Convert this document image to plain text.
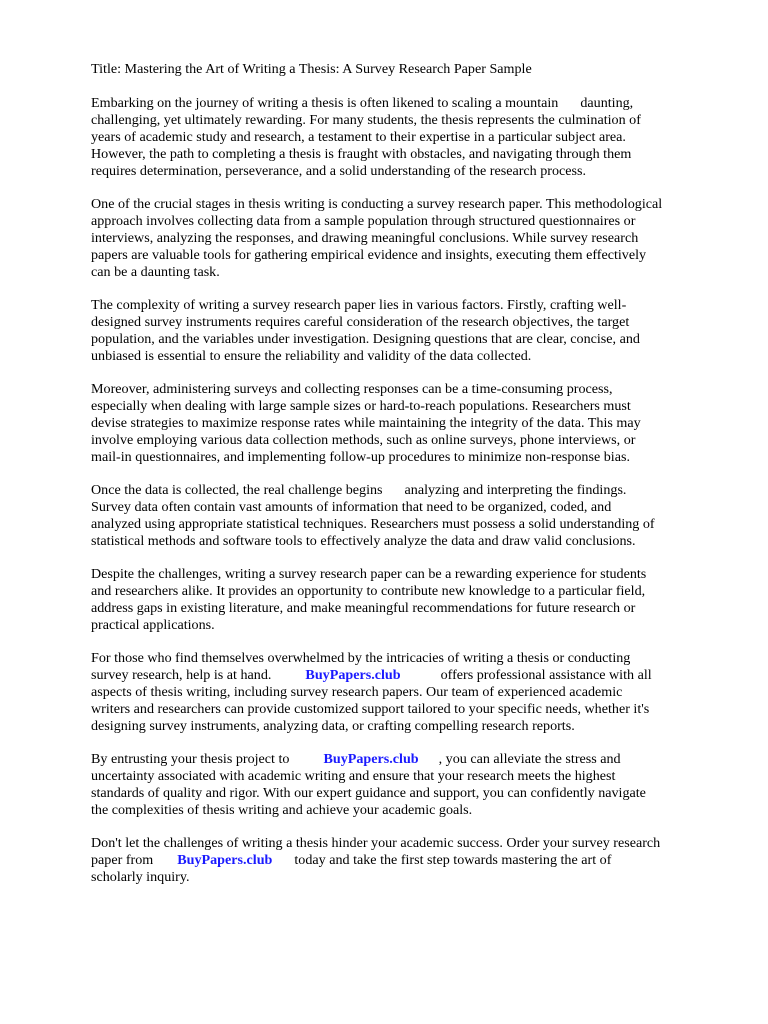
Title: Mastering the Art of Writing a Thesis: A Survey Research Paper Sample
Embarking on the journey of writing a thesis is often likened to scaling a mountain daunting,
challenging, yet ultimately rewarding. For many students, the thesis represents the culmination of
years of academic study and research, a testament to their expertise in a particular subject area.
However, the path to completing a thesis is fraught with obstacles, and navigating through them
requires determination, perseverance, and a solid understanding of the research process.
One of the crucial stages in thesis writing is conducting a survey research paper. This methodological
approach involves collecting data from a sample population through structured questionnaires or
interviews, analyzing the responses, and drawing meaningful conclusions. While survey research
papers are valuable tools for gathering empirical evidence and insights, executing them effectively
can be a daunting task.
The complexity of writing a survey research paper lies in various factors. Firstly, crafting well-
designed survey instruments requires careful consideration of the research objectives, the target
population, and the variables under investigation. Designing questions that are clear, concise, and
unbiased is essential to ensure the reliability and validity of the data collected.
Moreover, administering surveys and collecting responses can be a time-consuming process,
especially when dealing with large sample sizes or hard-to-reach populations. Researchers must
devise strategies to maximize response rates while maintaining the integrity of the data. This may
involve employing various data collection methods, such as online surveys, phone interviews, or
mail-in questionnaires, and implementing follow-up procedures to minimize non-response bias.
Once the data is collected, the real challenge begins analyzing and interpreting the findings.
Survey data often contain vast amounts of information that need to be organized, coded, and
analyzed using appropriate statistical techniques. Researchers must possess a solid understanding of
statistical methods and software tools to effectively analyze the data and draw valid conclusions.
Despite the challenges, writing a survey research paper can be a rewarding experience for students
and researchers alike. It provides an opportunity to contribute new knowledge to a particular field,
address gaps in existing literature, and make meaningful recommendations for future research or
practical applications.
For those who find themselves overwhelmed by the intricacies of writing a thesis or conducting
survey research, help is at hand. BuyPapers.club	offers professional assistance with all
aspects of thesis writing, including survey research papers. Our team of experienced academic
writers and researchers can provide customized support tailored to your specific needs, whether it's
designing survey instruments, analyzing data, or crafting compelling research reports.
By entrusting your thesis project to BuyPapers.club , you can alleviate the stress and
uncertainty associated with academic writing and ensure that your research meets the highest
standards of quality and rigor. With our expert guidance and support, you can confidently navigate
the complexities of thesis writing and achieve your academic goals.
Don't let the challenges of writing a thesis hinder your academic success. Order your survey research
paper from BuyPapers.club today and take the first step towards mastering the art of
scholarly inquiry.
